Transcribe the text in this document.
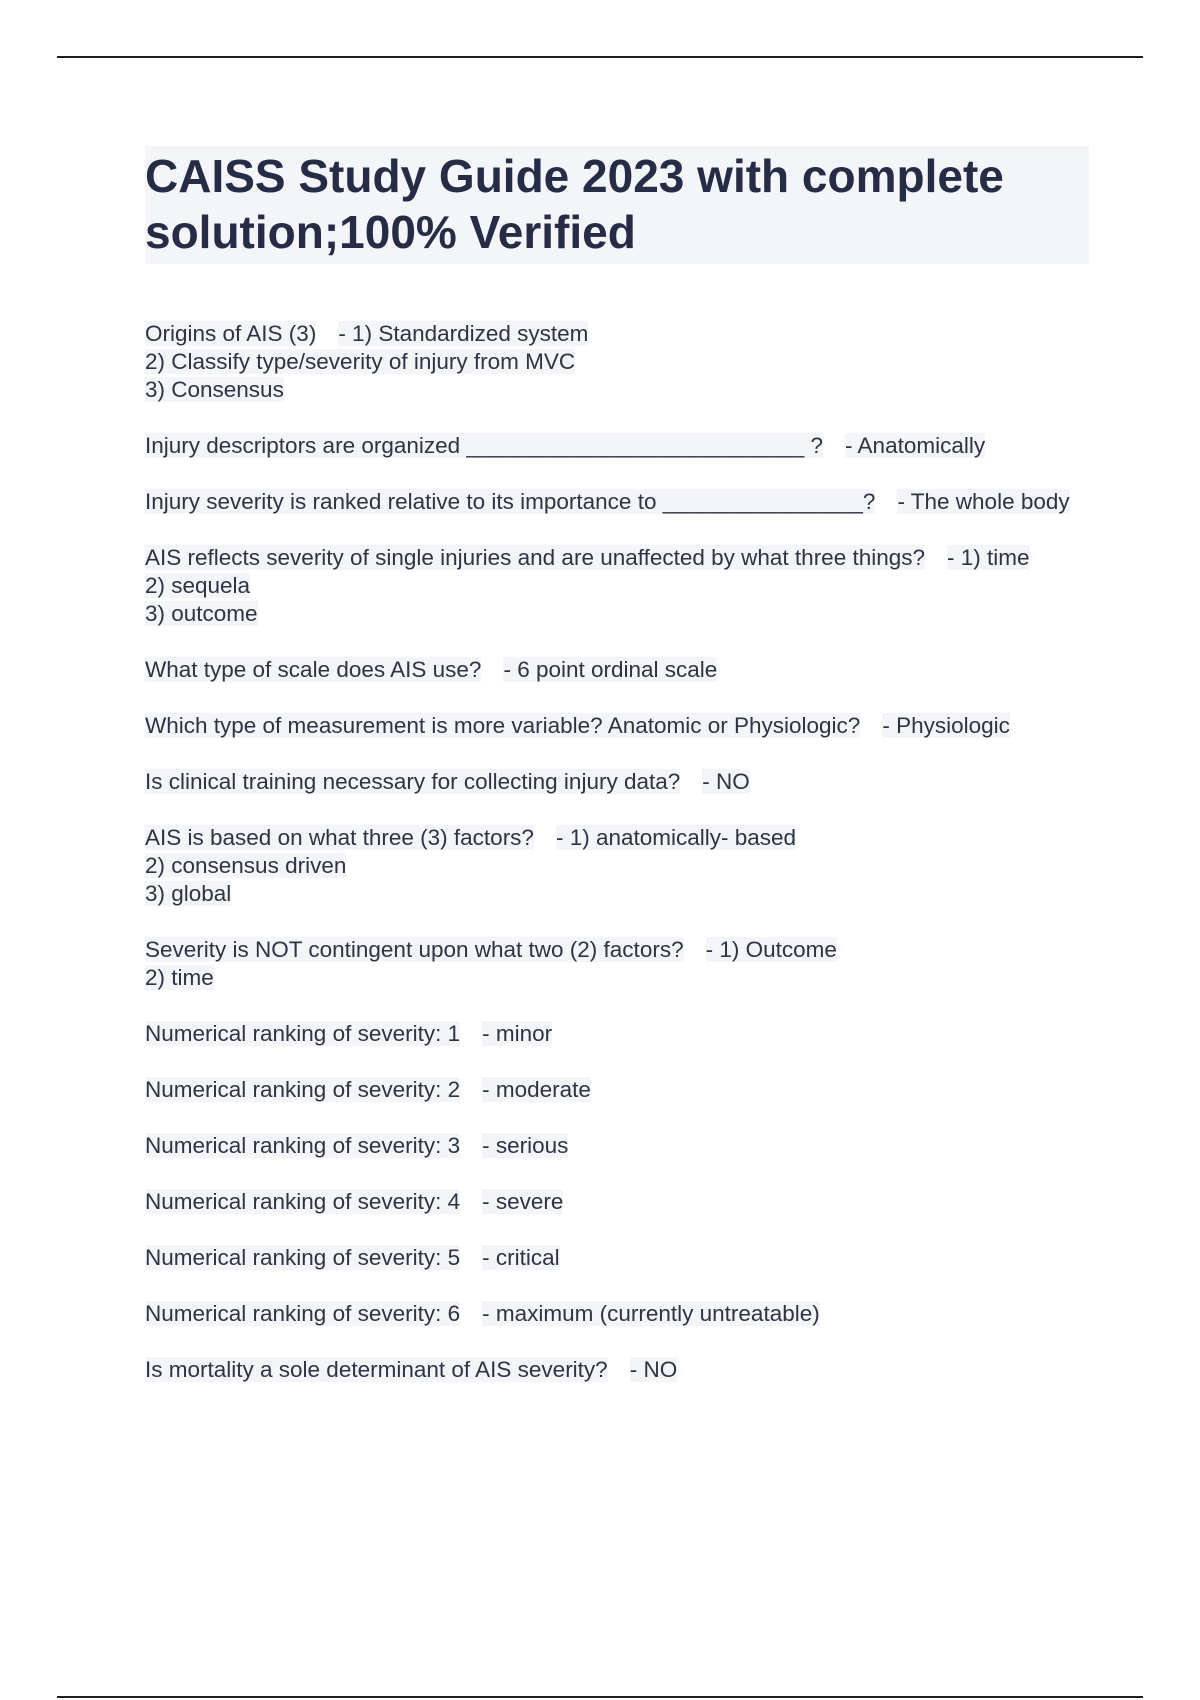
CAISS Study Guide 2023 with complete solution;100% Verified

Origins of AIS (3) - 1) Standardized system
2) Classify type/severity of injury from MVC
3) Consensus

Injury descriptors are organized ___________________________ ? - Anatomically

Injury severity is ranked relative to its importance to ________________? - The whole body

AIS reflects severity of single injuries and are unaffected by what three things? - 1) time
2) sequela
3) outcome

What type of scale does AIS use? - 6 point ordinal scale

Which type of measurement is more variable? Anatomic or Physiologic? - Physiologic

Is clinical training necessary for collecting injury data? - NO

AIS is based on what three (3) factors? - 1) anatomically- based
2) consensus driven
3) global

Severity is NOT contingent upon what two (2) factors? - 1) Outcome
2) time

Numerical ranking of severity: 1 - minor

Numerical ranking of severity: 2 - moderate

Numerical ranking of severity: 3 - serious

Numerical ranking of severity: 4 - severe

Numerical ranking of severity: 5 - critical

Numerical ranking of severity: 6 - maximum (currently untreatable)

Is mortality a sole determinant of AIS severity? - NO
